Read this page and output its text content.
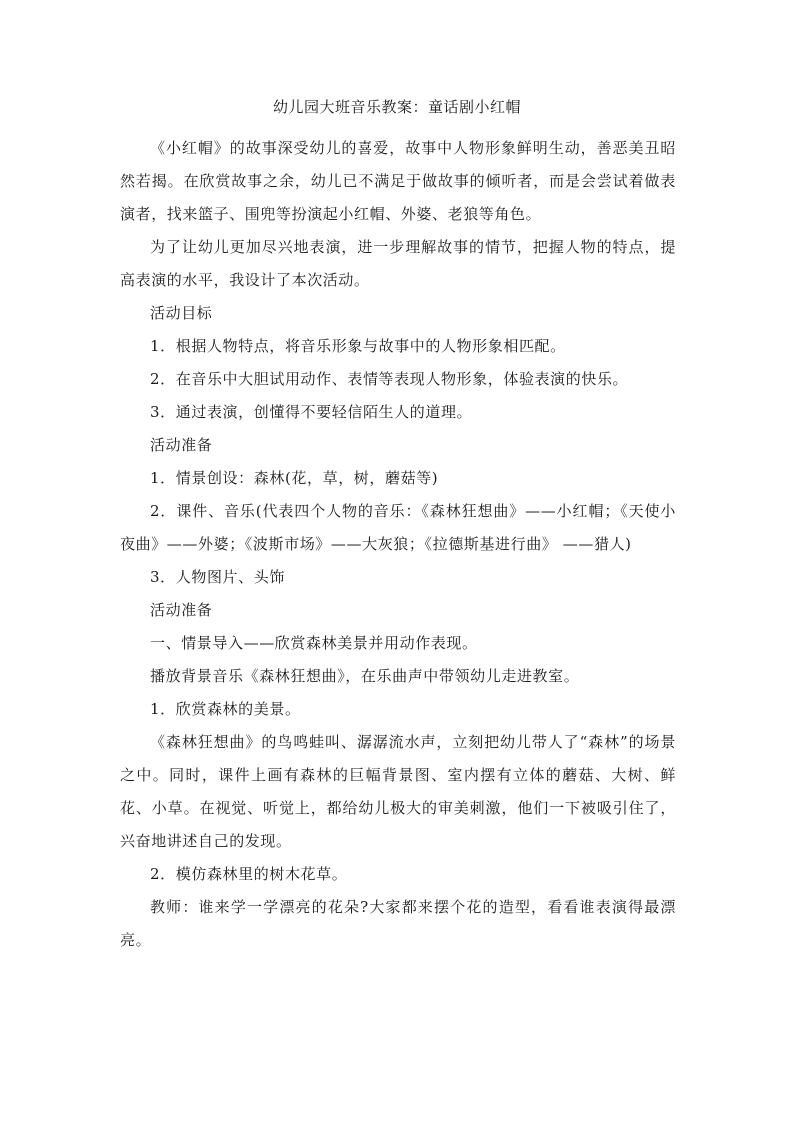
幼儿园大班音乐教案：童话剧小红帽

《小红帽》的故事深受幼儿的喜爱，故事中人物形象鲜明生动，善恶美丑昭然若揭。在欣赏故事之余，幼儿已不满足于做故事的倾听者，而是会尝试着做表演者，找来篮子、围兜等扮演起小红帽、外婆、老狼等角色。

为了让幼儿更加尽兴地表演，进一步理解故事的情节，把握人物的特点，提高表演的水平，我设计了本次活动。

活动目标

1．根据人物特点，将音乐形象与故事中的人物形象相匹配。

2．在音乐中大胆试用动作、表情等表现人物形象，体验表演的快乐。

3．通过表演，创懂得不要轻信陌生人的道理。

活动准备

1．情景创设：森林(花，草，树，蘑菇等)

2．课件、音乐(代表四个人物的音乐：《森林狂想曲》——小红帽；《天使小夜曲》——外婆；《波斯市场》——大灰狼；《拉德斯基进行曲》 ——猎人)

3．人物图片、头饰

活动准备

一、情景导入——欣赏森林美景并用动作表现。

播放背景音乐《森林狂想曲》，在乐曲声中带领幼儿走进教室。

1．欣赏森林的美景。

《森林狂想曲》的鸟鸣蛙叫、潺潺流水声，立刻把幼儿带人了“森林”的场景之中。同时，课件上画有森林的巨幅背景图、室内摆有立体的蘑菇、大树、鲜花、小草。在视觉、听觉上，都给幼儿极大的审美刺激，他们一下被吸引住了，兴奋地讲述自己的发现。

2．模仿森林里的树木花草。

教师：谁来学一学漂亮的花朵?大家都来摆个花的造型，看看谁表演得最漂亮。
